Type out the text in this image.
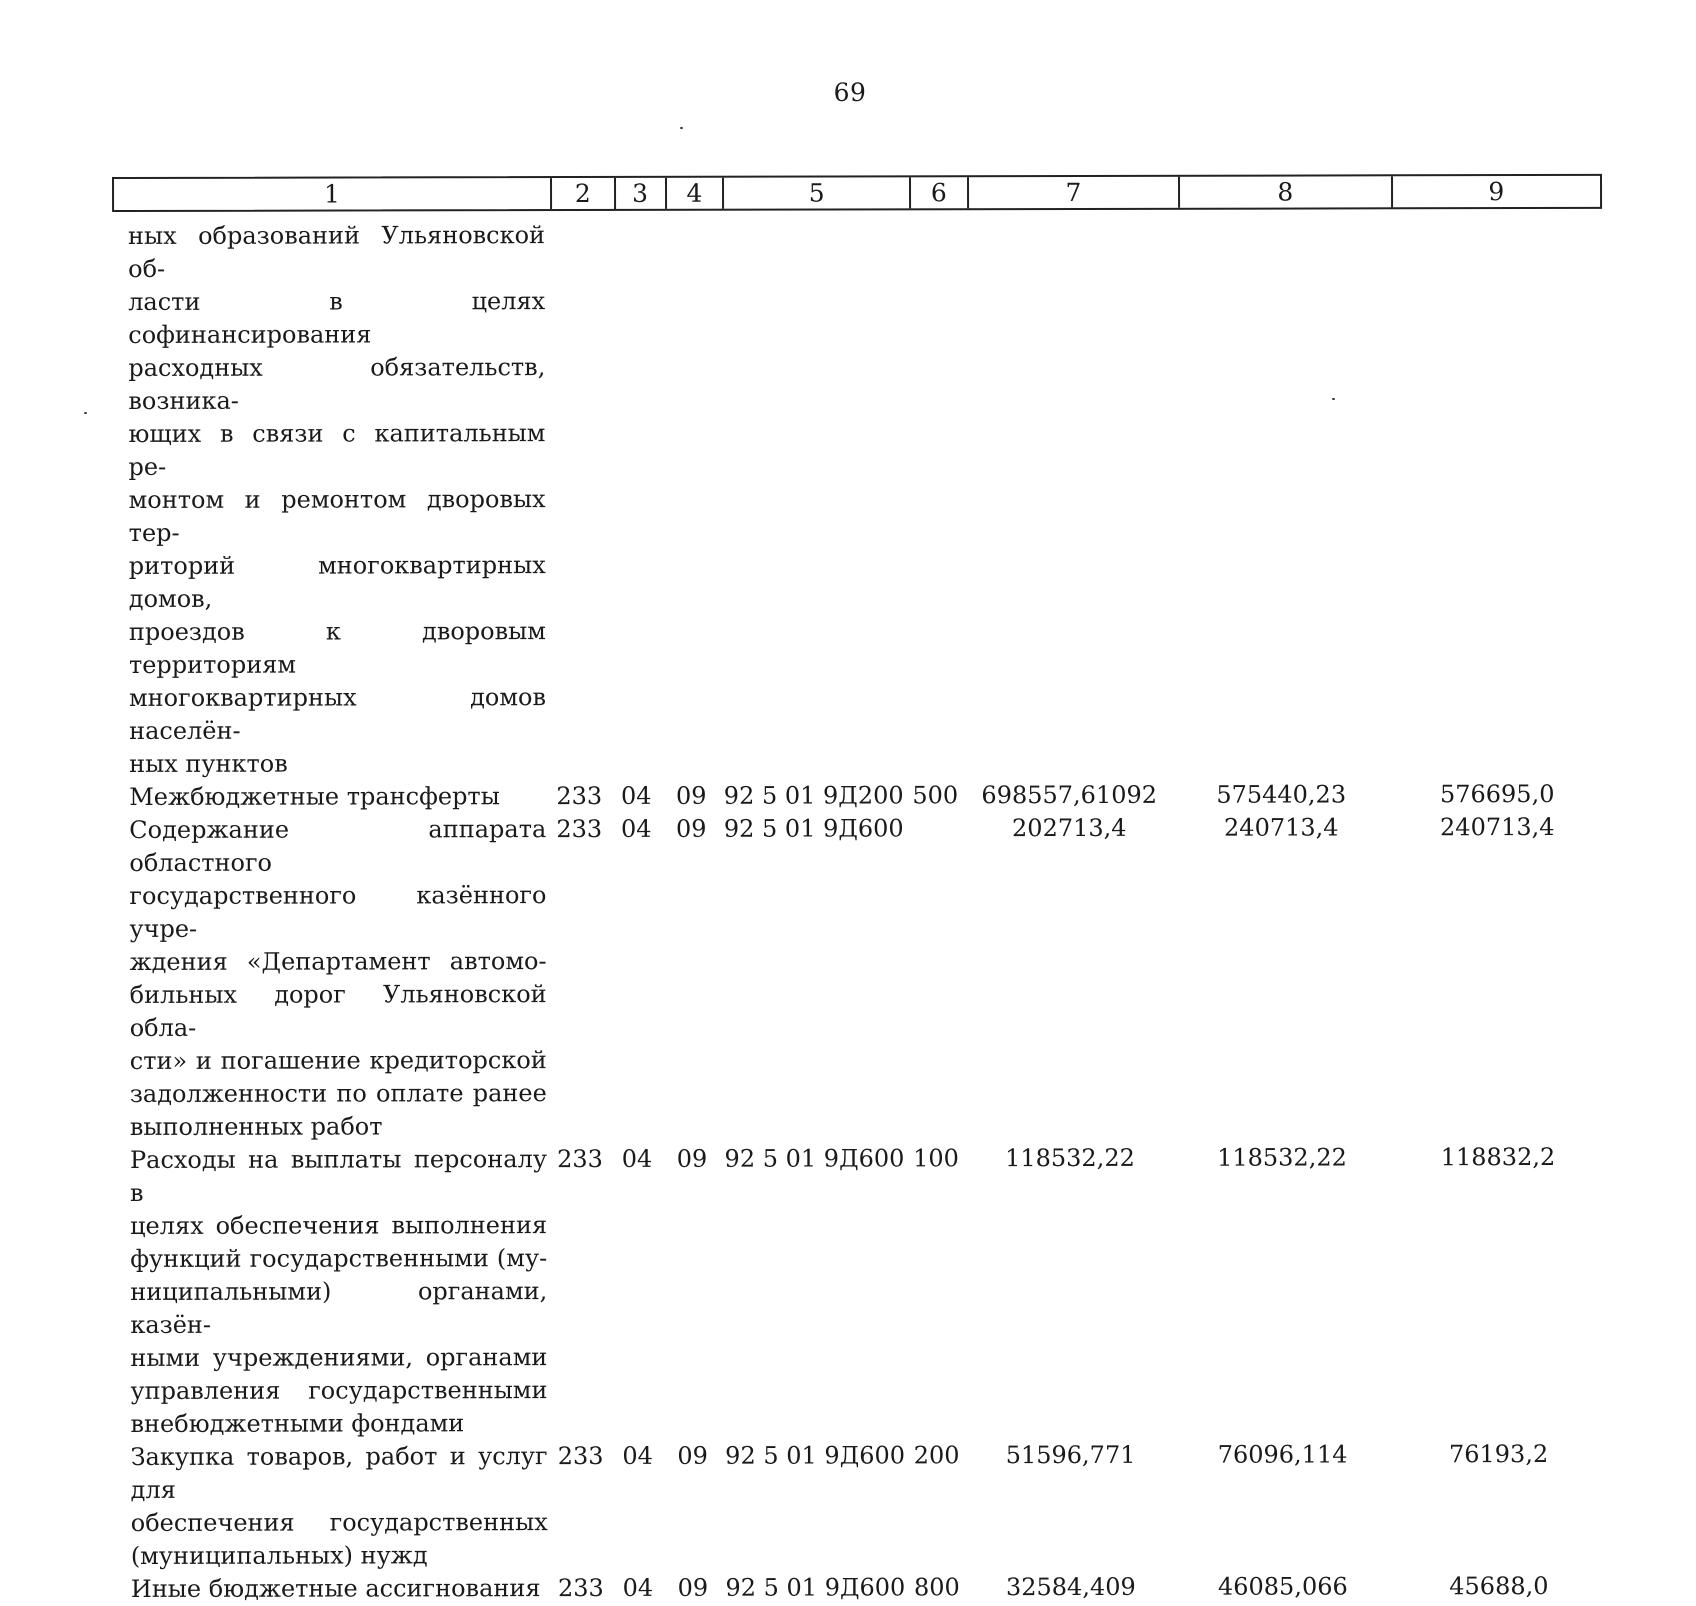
69
1	2	3	4	5	6	7	8	9
ных образований Ульяновской об-
ласти в целях софинансирования
расходных обязательств, возника-
ющих в связи с капитальным ре-
монтом и ремонтом дворовых тер-
риторий многоквартирных домов,
проездов к дворовым территориям
многоквартирных домов населён-
ных пунктов
Межбюджетные трансферты	233 04	09 92 5 01 9Д200 500 698557,61092	575440,23	576695,0
Содержание аппарата областного
государственного казённого учре-
ждения «Департамент автомо-
бильных дорог Ульяновской обла-
сти» и погашение кредиторской
задолженности по оплате ранее
выполненных работ
233 04	09 92 5 01 9Д600	202713,4	240713,4	240713,4
Расходы на выплаты персоналу в
целях обеспечения выполнения
функций государственными (му-
ниципальными) органами, казён-
ными учреждениями, органами
управления государственными
внебюджетными фондами
233 04	09 92 5 01 9Д600 100	118532,22	118532,22	118832,2
Закупка товаров, работ и услуг для
обеспечения государственных
(муниципальных) нужд
233 04	09 92 5 01 9Д600 200	51596,771	76096,114	76193,2
Иные бюджетные ассигнования 233 04	09 92 5 01 9Д600 800	32584,409	46085,066	45688,0
